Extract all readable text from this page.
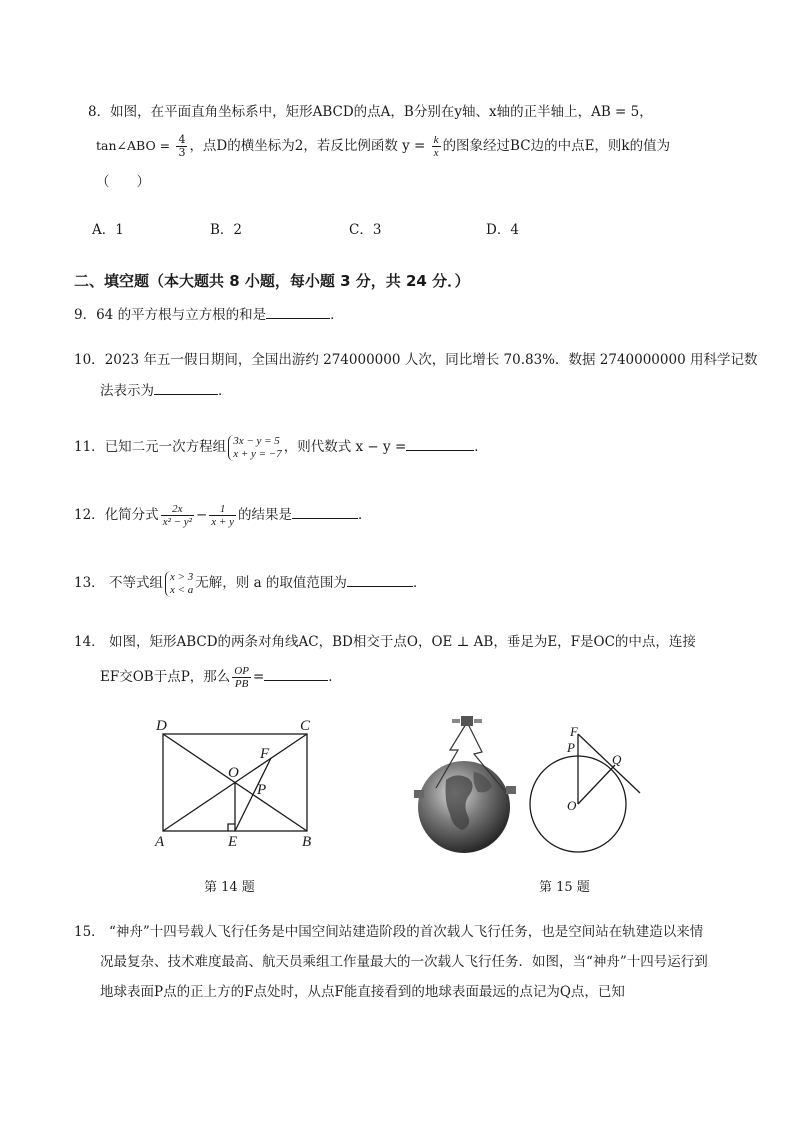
8．如图，在平面直角坐标系中，矩形ABCD的点A，B分别在y轴、x轴的正半轴上，AB = 5，
tan∠ABO = $\frac{4}{3}$ ，点D的横坐标为2，若反比例函数 $y = \frac{k}{x}$ 的图象经过BC边的中点E，则k的值为
（　　）
A．1	B．2	C．3	D．4
二、填空题（本大题共 8 小题，每小题 3 分，共 24 分．）
9．64 的平方根与立方根的和是	．
10．2023 年五一假日期间，全国出游约 274000000 人次，同比增长 70.83%．数据 2740000000 用科学记数
法表示为	．
11．已知二元一次方程组 3x − y = 5
x + y = −7 ，则代数式 x − y =	．
12．化简分式 $\frac{2x}{\text{x² − y²}} - \frac{1}{x + y}$ 的结果是	．
13． 不等式组 x > 3
x < a 无解，则 a 的取值范围为	．
14． 如图，矩形ABCD的两条对角线AC，BD相交于点O，OE ⊥ AB，垂足为E，F是OC的中点，连接
EF交OB于点P，那么 $\frac{OP}{PB}$ =	．
D	C
A	B
E
O
F
P
F
P
Q
O
第 14 题	第 15 题
15． “神舟”十四号载人飞行任务是中国空间站建造阶段的首次载人飞行任务，也是空间站在轨建造以来情
况最复杂、技术难度最高、航天员乘组工作量最大的一次载人飞行任务．如图，当“神舟”十四号运行到
地球表面P点的正上方的F点处时，从点F能直接看到的地球表面最远的点记为Q点，已知
